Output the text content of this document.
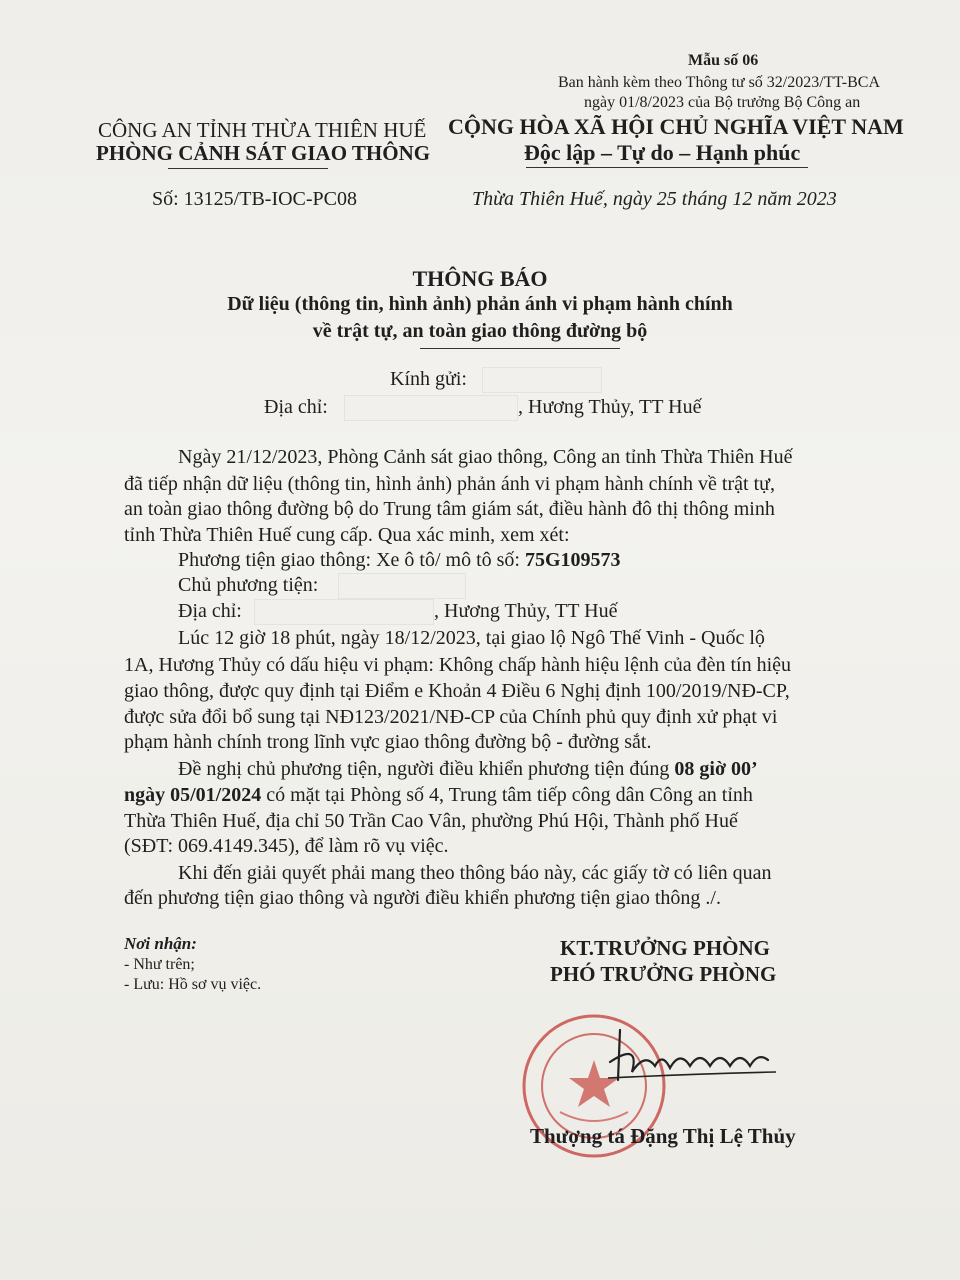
Mẫu số 06
Ban hành kèm theo Thông tư số 32/2023/TT-BCA
ngày 01/8/2023 của Bộ trưởng Bộ Công an
CÔNG AN TỈNH THỪA THIÊN HUẾ
PHÒNG CẢNH SÁT GIAO THÔNG
Số: 13125/TB-IOC-PC08
CỘNG HÒA XÃ HỘI CHỦ NGHĨA VIỆT NAM
Độc lập – Tự do – Hạnh phúc
Thừa Thiên Huế, ngày 25 tháng 12 năm 2023
THÔNG BÁO
Dữ liệu (thông tin, hình ảnh) phản ánh vi phạm hành chính
về trật tự, an toàn giao thông đường bộ
Kính gửi:
Địa chỉ:	, Hương Thủy, TT Huế
Ngày 21/12/2023, Phòng Cảnh sát giao thông, Công an tỉnh Thừa Thiên Huế
đã tiếp nhận dữ liệu (thông tin, hình ảnh) phản ánh vi phạm hành chính về trật tự,
an toàn giao thông đường bộ do Trung tâm giám sát, điều hành đô thị thông minh
tỉnh Thừa Thiên Huế cung cấp. Qua xác minh, xem xét:
Phương tiện giao thông: Xe ô tô/ mô tô số: 75G109573
Chủ phương tiện:
Địa chỉ:	, Hương Thủy, TT Huế
Lúc 12 giờ 18 phút, ngày 18/12/2023, tại giao lộ Ngô Thế Vinh - Quốc lộ
1A, Hương Thủy có dấu hiệu vi phạm: Không chấp hành hiệu lệnh của đèn tín hiệu
giao thông, được quy định tại Điểm e Khoản 4 Điều 6 Nghị định 100/2019/NĐ-CP,
được sửa đổi bổ sung tại NĐ123/2021/NĐ-CP của Chính phủ quy định xử phạt vi
phạm hành chính trong lĩnh vực giao thông đường bộ - đường sắt.
Đề nghị chủ phương tiện, người điều khiển phương tiện đúng 08 giờ 00’
ngày 05/01/2024 có mặt tại Phòng số 4, Trung tâm tiếp công dân Công an tỉnh
Thừa Thiên Huế, địa chỉ 50 Trần Cao Vân, phường Phú Hội, Thành phố Huế
(SĐT: 069.4149.345), để làm rõ vụ việc.
Khi đến giải quyết phải mang theo thông báo này, các giấy tờ có liên quan
đến phương tiện giao thông và người điều khiển phương tiện giao thông ./.
Nơi nhận:
- Như trên;
- Lưu: Hồ sơ vụ việc.
KT.TRƯỞNG PHÒNG
PHÓ TRƯỞNG PHÒNG
Thượng tá Đặng Thị Lệ Thủy
